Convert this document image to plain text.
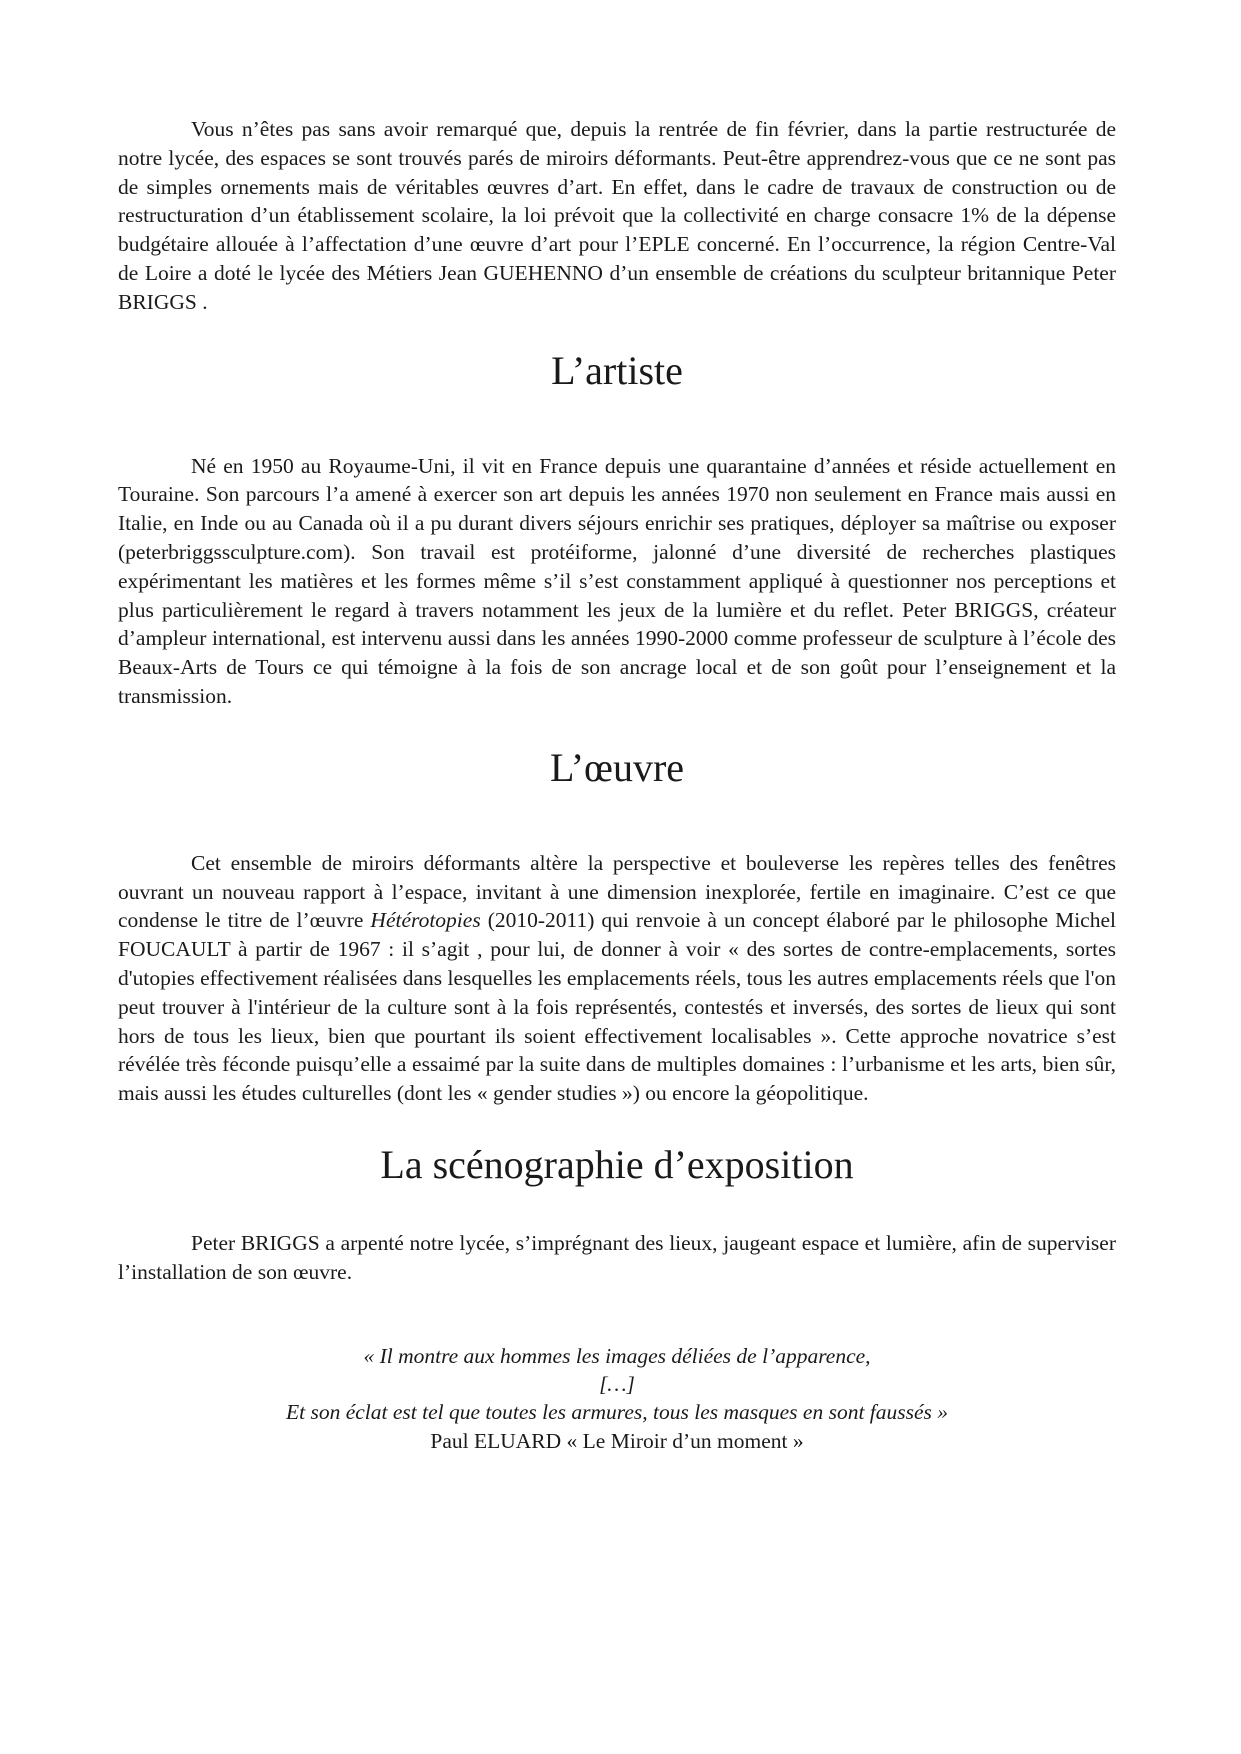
Vous n’êtes pas sans avoir remarqué que, depuis la rentrée de fin février, dans la partie restructurée de notre lycée, des espaces se sont trouvés parés de miroirs déformants. Peut-être apprendrez-vous que ce ne sont pas de simples ornements mais de véritables œuvres d’art. En effet, dans le cadre de travaux de construction ou de restructuration d’un établissement scolaire, la loi prévoit que la collectivité en charge consacre 1% de la dépense budgétaire allouée à l’affectation d’une œuvre d’art pour l’EPLE concerné. En l’occurrence, la région Centre-Val de Loire a doté le lycée des Métiers Jean GUEHENNO d’un ensemble de créations du sculpteur britannique Peter BRIGGS .

L’artiste

Né en 1950 au Royaume-Uni, il vit en France depuis une quarantaine d’années et réside actuellement en Touraine. Son parcours l’a amené à exercer son art depuis les années 1970 non seulement en France mais aussi en Italie, en Inde ou au Canada où il a pu durant divers séjours enrichir ses pratiques, déployer sa maîtrise ou exposer (peterbriggssculpture.com). Son travail est protéiforme, jalonné d’une diversité de recherches plastiques expérimentant les matières et les formes même s’il s’est constamment appliqué à questionner nos perceptions et plus particulièrement le regard à travers notamment les jeux de la lumière et du reflet. Peter BRIGGS, créateur d’ampleur international, est intervenu aussi dans les années 1990-2000 comme professeur de sculpture à l’école des Beaux-Arts de Tours ce qui témoigne à la fois de son ancrage local et de son goût pour l’enseignement et la transmission.

L’œuvre

Cet ensemble de miroirs déformants altère la perspective et bouleverse les repères telles des fenêtres ouvrant un nouveau rapport à l’espace, invitant à une dimension inexplorée, fertile en imaginaire. C’est ce que condense le titre de l’œuvre Hétérotopies (2010-2011) qui renvoie à un concept élaboré par le philosophe Michel FOUCAULT à partir de 1967 : il s’agit , pour lui, de donner à voir « des sortes de contre-emplacements, sortes d'utopies effectivement réalisées dans lesquelles les emplacements réels, tous les autres emplacements réels que l'on peut trouver à l'intérieur de la culture sont à la fois représentés, contestés et inversés, des sortes de lieux qui sont hors de tous les lieux, bien que pourtant ils soient effectivement localisables ». Cette approche novatrice s’est révélée très féconde puisqu’elle a essaimé par la suite dans de multiples domaines : l’urbanisme et les arts, bien sûr, mais aussi les études culturelles (dont les « gender studies ») ou encore la géopolitique.

La scénographie d’exposition

Peter BRIGGS a arpenté notre lycée, s’imprégnant des lieux, jaugeant espace et lumière, afin de superviser l’installation de son œuvre.

« Il montre aux hommes les images déliées de l’apparence,
[…]
Et son éclat est tel que toutes les armures, tous les masques en sont faussés »
Paul ELUARD « Le Miroir d’un moment »
